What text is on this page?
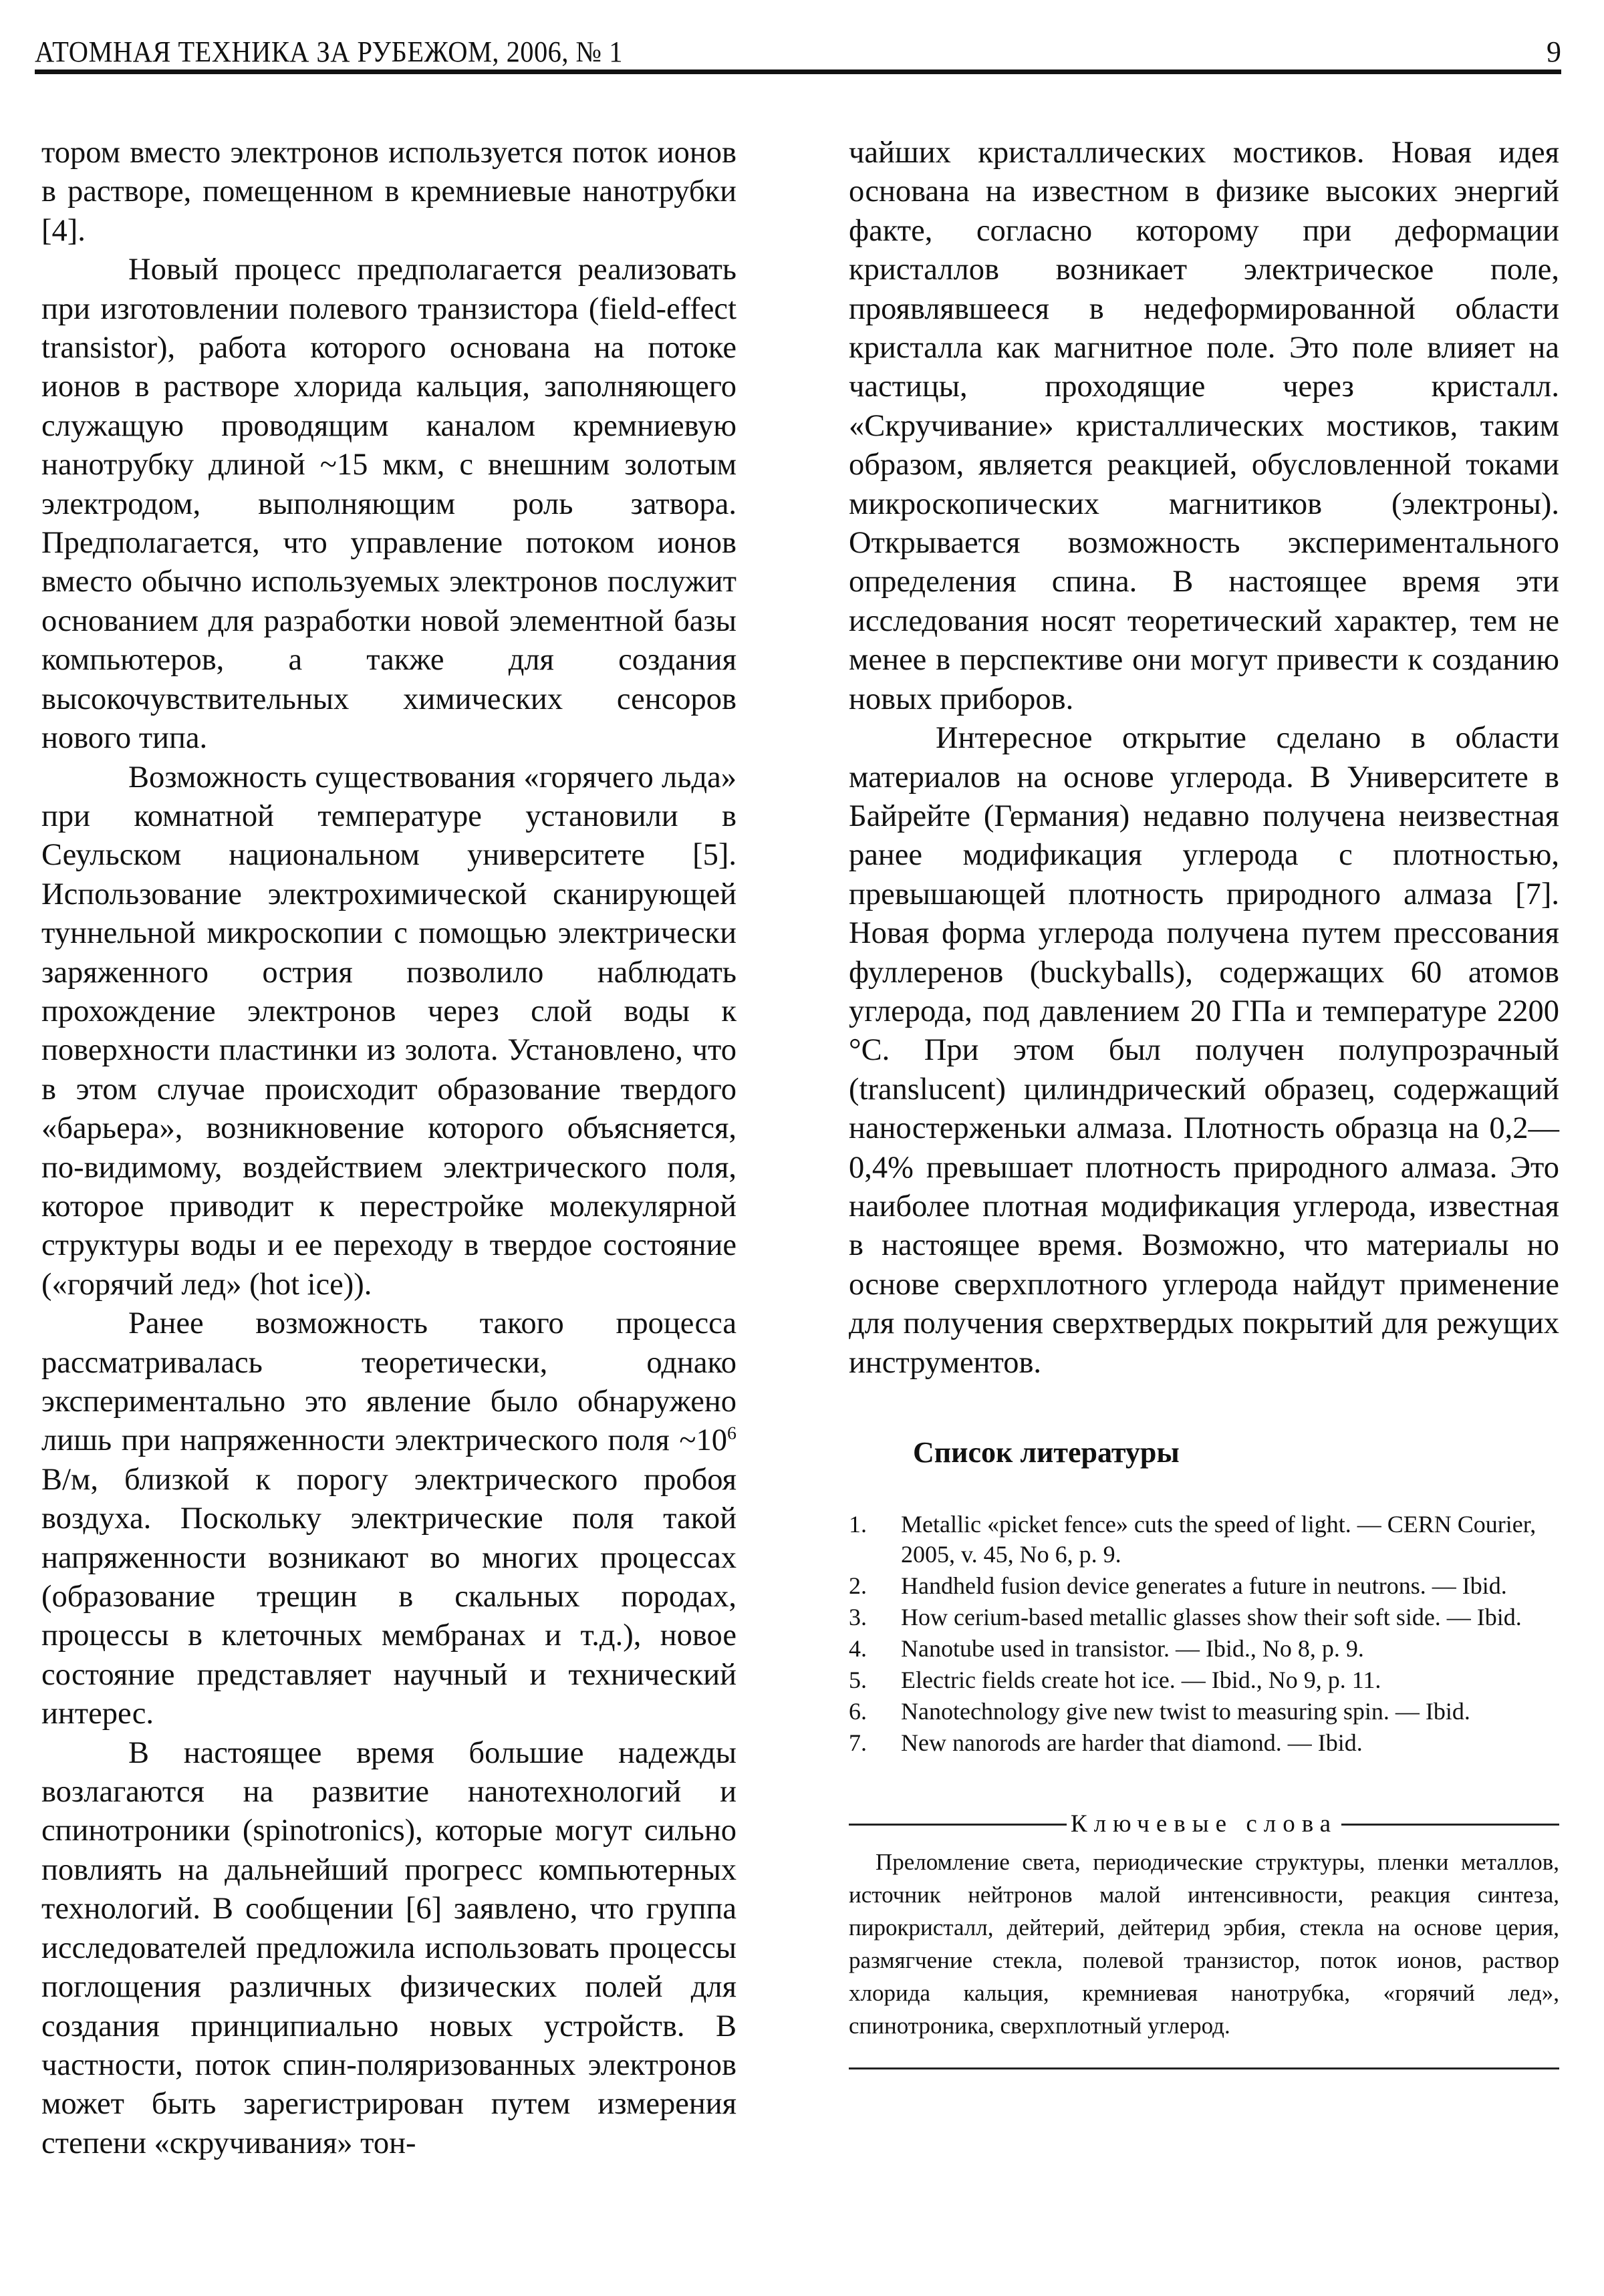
АТОМНАЯ ТЕХНИКА ЗА РУБЕЖОМ, 2006, № 1	9

тором вместо электронов используется поток ионов в растворе, помещенном в кремниевые нанотрубки [4].

Новый процесс предполагается реализовать при изготовлении полевого транзистора (field-effect transistor), работа которого основана на потоке ионов в растворе хлорида кальция, заполняющего служащую проводящим каналом кремниевую нанотрубку длиной ~15 мкм, с внешним золотым электродом, выполняющим роль затвора. Предполагается, что управление потоком ионов вместо обычно используемых электронов послужит основанием для разработки новой элементной базы компьютеров, а также для создания высокочувствительных химических сенсоров нового типа.

Возможность существования «горячего льда» при комнатной температуре установили в Сеульском национальном университете [5]. Использование электрохимической сканирующей туннельной микроскопии с помощью электрически заряженного острия позволило наблюдать прохождение электронов через слой воды к поверхности пластинки из золота. Установлено, что в этом случае происходит образование твердого «барьера», возникновение которого объясняется, по-видимому, воздействием электрического поля, которое приводит к перестройке молекулярной структуры воды и ее переходу в твердое состояние («горячий лед» (hot ice)).

Ранее возможность такого процесса рассматривалась теоретически, однако экспериментально это явление было обнаружено лишь при напряженности электрического поля $\sim 10^6$ В/м, близкой к порогу электрического пробоя воздуха. Поскольку электрические поля такой напряженности возникают во многих процессах (образование трещин в скальных породах, процессы в клеточных мембранах и т.д.), новое состояние представляет научный и технический интерес.

В настоящее время большие надежды возлагаются на развитие нанотехнологий и спинотроники (spinotronics), которые могут сильно повлиять на дальнейший прогресс компьютерных технологий. В сообщении [6] заявлено, что группа исследователей предложила использовать процессы поглощения различных физических полей для создания принципиально новых устройств. В частности, поток спин-поляризованных электронов может быть зарегистрирован путем измерения степени «скручивания» тон-

чайших кристаллических мостиков. Новая идея основана на известном в физике высоких энергий факте, согласно которому при деформации кристаллов возникает электрическое поле, проявлявшееся в недеформированной области кристалла как магнитное поле. Это поле влияет на частицы, проходящие через кристалл. «Скручивание» кристаллических мостиков, таким образом, является реакцией, обусловленной токами микроскопических магнитиков (электроны). Открывается возможность экспериментального определения спина. В настоящее время эти исследования носят теоретический характер, тем не менее в перспективе они могут привести к созданию новых приборов.

Интересное открытие сделано в области материалов на основе углерода. В Университете в Байрейте (Германия) недавно получена неизвестная ранее модификация углерода с плотностью, превышающей плотность природного алмаза [7]. Новая форма углерода получена путем прессования фуллеренов (buckyballs), содержащих 60 атомов углерода, под давлением 20 ГПа и температуре 2200 °C. При этом был получен полупрозрачный (translucent) цилиндрический образец, содержащий наностерженьки алмаза. Плотность образца на 0,2—0,4% превышает плотность природного алмаза. Это наиболее плотная модификация углерода, известная в настоящее время. Возможно, что материалы но основе сверхплотного углерода найдут применение для получения сверхтвердых покрытий для режущих инструментов.

Список литературы
1. Metallic «picket fence» cuts the speed of light. — CERN Courier, 2005, v. 45, No 6, p. 9.
2. Handheld fusion device generates a future in neutrons. — Ibid.
3. How cerium-based metallic glasses show their soft side. — Ibid.
4. Nanotube used in transistor. — Ibid., No 8, p. 9.
5. Electric fields create hot ice. — Ibid., No 9, p. 11.
6. Nanotechnology give new twist to measuring spin. — Ibid.
7. New nanorods are harder that diamond. — Ibid.
Ключевые слова
Преломление света, периодические структуры, пленки металлов, источник нейтронов малой интенсивности, реакция синтеза, пирокристалл, дейтерий, дейтерид эрбия, стекла на основе церия, размягчение стекла, полевой транзистор, поток ионов, раствор хлорида кальция, кремниевая нанотрубка, «горячий лед», спинотроника, сверхплотный углерод.
